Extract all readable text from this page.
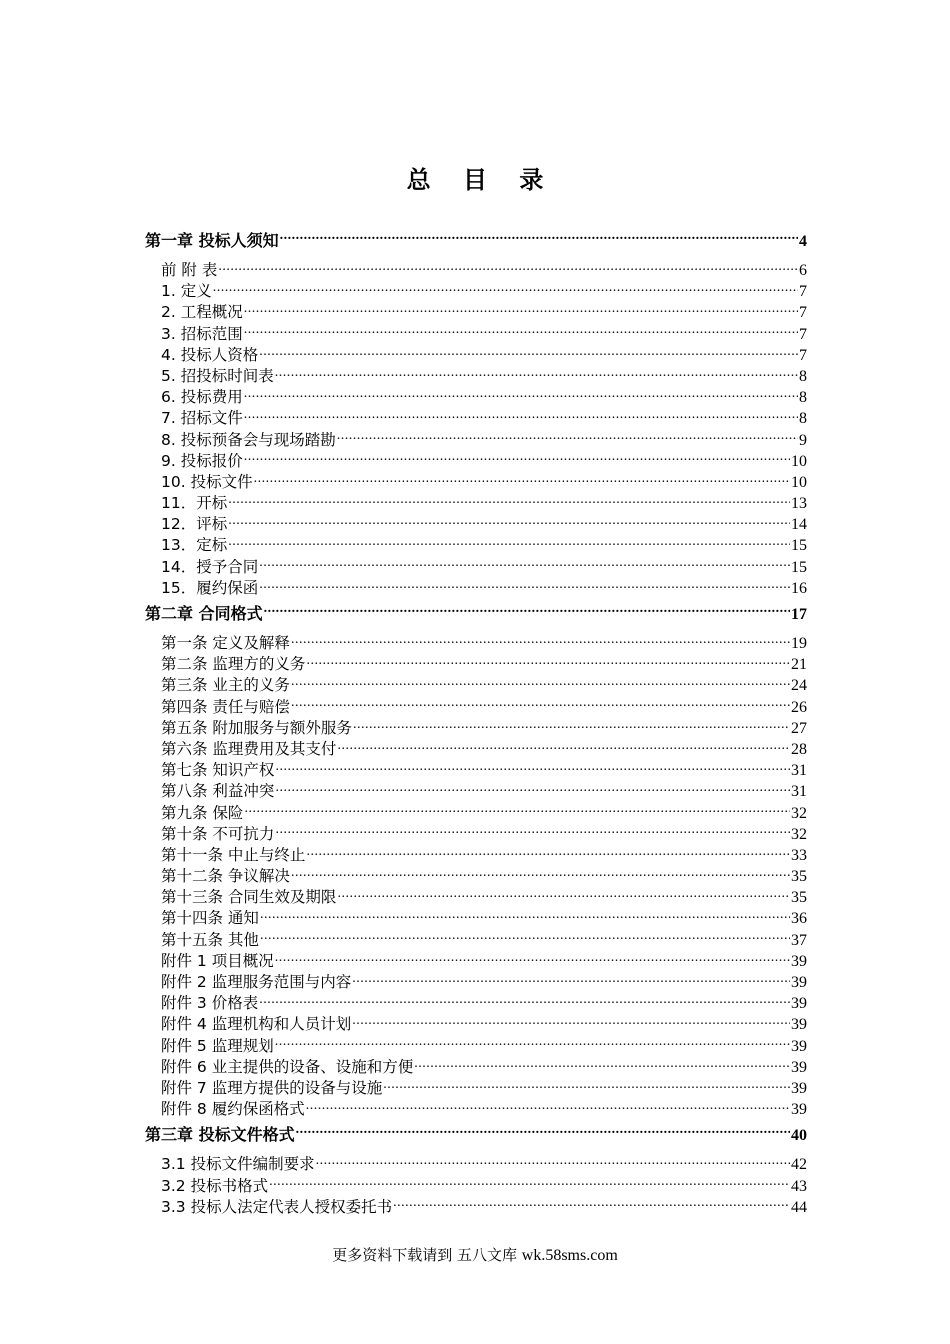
总 目 录
第一章 投标人须知 .....	4
前 附 表 .....	6
1. 定义 .....	7
2. 工程概况 .....	7
3. 招标范围 .....	7
4. 投标人资格 .....	7
5. 招投标时间表 .....	8
6. 投标费用 .....	8
7. 招标文件 .....	8
8. 投标预备会与现场踏勘 .....	9
9. 投标报价 .....	10
10. 投标文件 .....	10
11．开标 .....	13
12．评标 .....	14
13．定标 .....	15
14．授予合同 .....	15
15．履约保函 .....	16
第二章 合同格式 .....	17
第一条 定义及解释 .....	19
第二条 监理方的义务 .....	21
第三条 业主的义务 .....	24
第四条 责任与赔偿 .....	26
第五条 附加服务与额外服务 .....	27
第六条 监理费用及其支付 .....	28
第七条 知识产权 .....	31
第八条 利益冲突 .....	31
第九条 保险 .....	32
第十条 不可抗力 .....	32
第十一条 中止与终止 .....	33
第十二条 争议解决 .....	35
第十三条 合同生效及期限 .....	35
第十四条 通知 .....	36
第十五条 其他 .....	37
附件 1 项目概况 .....	39
附件 2 监理服务范围与内容 .....	39
附件 3 价格表 .....	39
附件 4 监理机构和人员计划 .....	39
附件 5 监理规划 .....	39
附件 6 业主提供的设备、设施和方便 .....	39
附件 7 监理方提供的设备与设施 .....	39
附件 8 履约保函格式 .....	39
第三章 投标文件格式 .....	40
3.1 投标文件编制要求 .....	42
3.2 投标书格式 .....	43
3.3 投标人法定代表人授权委托书 .....	44
更多资料下载请到 五八文库 wk.58sms.com
